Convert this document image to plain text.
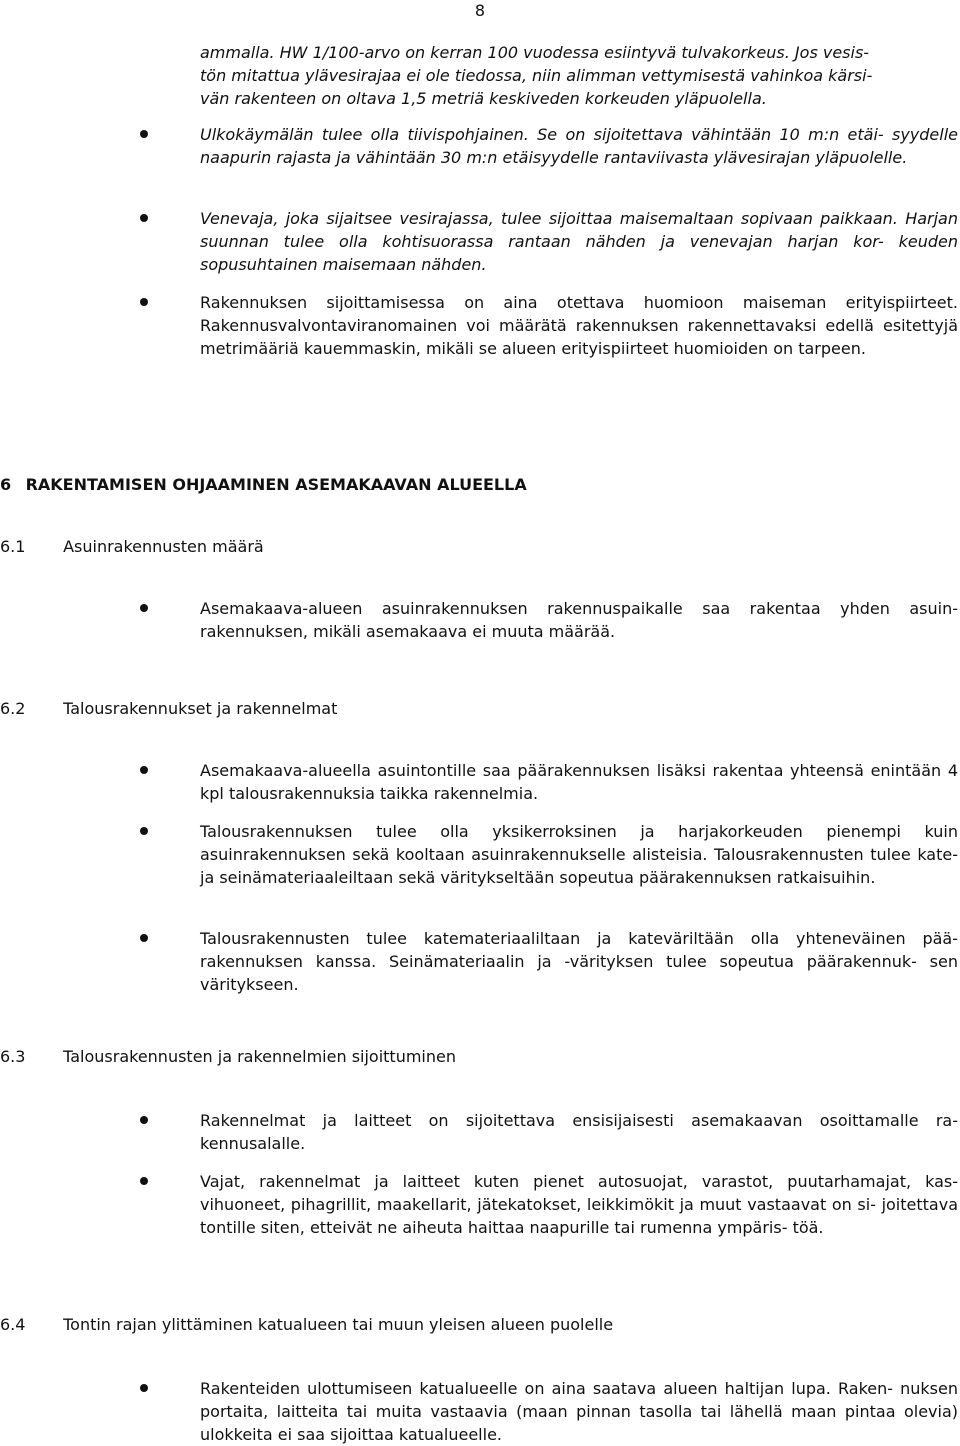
8
ammalla. HW 1/100-arvo on kerran 100 vuodessa esiintyvä tulvakorkeus. Jos vesis-
tön mitattua ylävesirajaa ei ole tiedossa, niin alimman vettymisestä vahinkoa kärsi-
vän rakenteen on oltava 1,5 metriä keskiveden korkeuden yläpuolella.

Ulkokäymälän tulee olla tiivispohjainen. Se on sijoitettava vähintään 10 m:n etäi- syydelle naapurin rajasta ja vähintään 30 m:n etäisyydelle rantaviivasta ylävesirajan yläpuolelle.

Venevaja, joka sijaitsee vesirajassa, tulee sijoittaa maisemaltaan sopivaan paikkaan. Harjan suunnan tulee olla kohtisuorassa rantaan nähden ja venevajan harjan kor- keuden sopusuhtainen maisemaan nähden.

Rakennuksen sijoittamisessa on aina otettava huomioon maiseman erityispiirteet. Rakennusvalvontaviranomainen voi määrätä rakennuksen rakennettavaksi edellä esitettyjä metrimääriä kauemmaskin, mikäli se alueen erityispiirteet huomioiden on tarpeen.

6 RAKENTAMISEN OHJAAMINEN ASEMAKAAVAN ALUEELLA
6.1 Asuinrakennusten määrä

Asemakaava-alueen asuinrakennuksen rakennuspaikalle saa rakentaa yhden asuin- rakennuksen, mikäli asemakaava ei muuta määrää.

6.2 Talousrakennukset ja rakennelmat

Asemakaava-alueella asuintontille saa päärakennuksen lisäksi rakentaa yhteensä enintään 4 kpl talousrakennuksia taikka rakennelmia.

Talousrakennuksen tulee olla yksikerroksinen ja harjakorkeuden pienempi kuin asuinrakennuksen sekä kooltaan asuinrakennukselle alisteisia. Talousrakennusten tulee kate- ja seinämateriaaleiltaan sekä väritykseltään sopeutua päärakennuksen ratkaisuihin.

Talousrakennusten tulee katemateriaaliltaan ja kateväriltään olla yhteneväinen pää- rakennuksen kanssa. Seinämateriaalin ja -värityksen tulee sopeutua päärakennuk- sen väritykseen.

6.3 Talousrakennusten ja rakennelmien sijoittuminen

Rakennelmat ja laitteet on sijoitettava ensisijaisesti asemakaavan osoittamalle ra- kennusalalle.

Vajat, rakennelmat ja laitteet kuten pienet autosuojat, varastot, puutarhamajat, kas- vihuoneet, pihagrillit, maakellarit, jätekatokset, leikkimökit ja muut vastaavat on si- joitettava tontille siten, etteivät ne aiheuta haittaa naapurille tai rumenna ympäris- töä.

6.4 Tontin rajan ylittäminen katualueen tai muun yleisen alueen puolelle

Rakenteiden ulottumiseen katualueelle on aina saatava alueen haltijan lupa. Raken- nuksen portaita, laitteita tai muita vastaavia (maan pinnan tasolla tai lähellä maan pintaa olevia) ulokkeita ei saa sijoittaa katualueelle.
